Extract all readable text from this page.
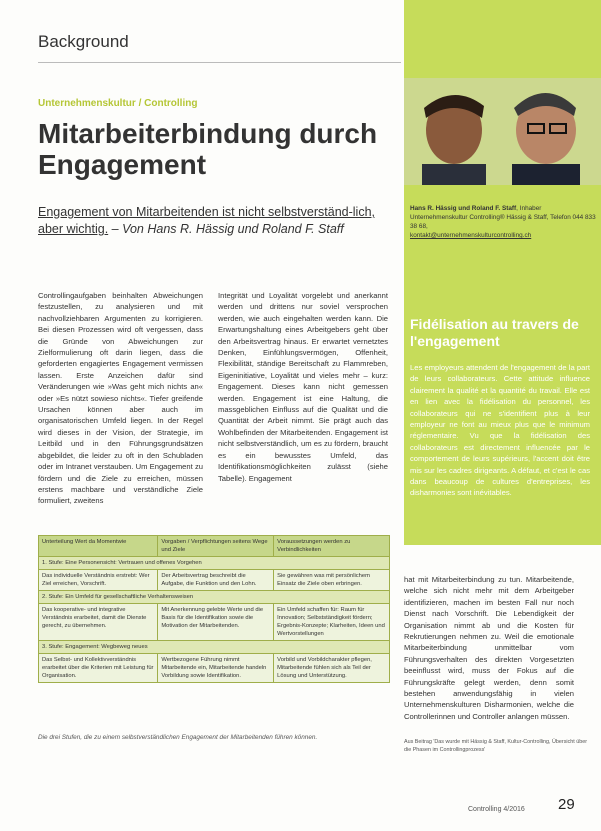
Background
Unternehmenskultur / Controlling
Mitarbeiterbindung durch Engagement
Engagement von Mitarbeitenden ist nicht selbstverständ-lich, aber wichtig. – Von Hans R. Hässig und Roland F. Staff
Hans R. Hässig und Roland F. Staff, Inhaber Unternehmenskultur Controlling® Hässig & Staff, Telefon 044 833 38 68,
kontakt@unternehmenskulturcontrolling.ch
Controllingaufgaben beinhalten Abweichungen festzustellen, zu analysieren und mit nachvollziehbaren Argumenten zu korrigieren. Bei diesen Prozessen wird oft vergessen, dass die Gründe von Abweichungen zur Zielformulierung oft darin liegen, dass die geforderten engagiertes Engagement vermissen lassen. Erste Anzeichen dafür sind Veränderungen wie »Was geht mich nichts an« oder »Es nützt sowieso nichts«. Tiefer greifende Ursachen können aber auch im organisatorischen Umfeld liegen. In der Regel wird dieses in der Vision, der Strategie, im Leitbild und in den Führungsgrundsätzen abgebildet, die leider zu oft in den Schubladen oder im Intranet verstauben. Um Engagement zu fördern und die Ziele zu erreichen, müssen erstens machbare und verständliche Ziele formuliert, zweitens
Integrität und Loyalität vorgelebt und anerkannt werden und drittens nur soviel versprochen werden, wie auch eingehalten werden kann. Die Erwartungshaltung eines Arbeitgebers geht über den Arbeitsvertrag hinaus. Er erwartet vernetztes Denken, Einfühlungsvermögen, Offenheit, Flexibilität, ständige Bereitschaft zu Flammreben, Eigeninitiative, Loyalität und vieles mehr – kurz: Engagement. Dieses kann nicht gemessen werden. Engagement ist eine Haltung, die massgeblichen Einfluss auf die Qualität und die Quantität der Arbeit nimmt. Sie prägt auch das Wohlbefinden der Mitarbeitenden. Engagement ist nicht selbstverständlich, um es zu fördern, braucht es ein bewusstes Umfeld, das Identifikationsmöglichkeiten zulässt (siehe Tabelle). Engagement
Fidélisation au travers de l'engagement
Les employeurs attendent de l'engagement de la part de leurs collaborateurs. Cette attitude influence clairement la qualité et la quantité du travail. Elle est en lien avec la fidélisation du personnel, les collaborateurs qui ne s'identifient plus à leur employeur ne font au mieux plus que le minimum réglementaire. Vu que la fidélisation des collaborateurs est directement influencée par le comportement de leurs supérieurs, l'accent doit être mis sur les cadres dirigeants. A défaut, et c'est le cas dans beaucoup de cultures d'entreprises, les disharmonies sont inévitables.
Unterteilung Wert da Momentwie	Vorgaben / Verpflichtungen seitens Wege und Ziele	Voraussetzungen werden zu Verbindlichkeiten
1. Stufe: Eine Personensicht: Vertrauen und offenes Vorgehen		
Das individuelle Verständnis erstrebt: Wer Ziel erreichen, Vorschrift.	Der Arbeitsvertrag beschreibt die Aufgabe, die Funktion und den Lohn.	Sie gewähren was mit persönlichem Einsatz die Ziele oben erbringen.
2. Stufe: Ein Umfeld für gesellschaftliche Verhaltensweisen		
Das kooperative- und integrative Verständnis erarbeitet, damit die Dienste gerecht, zu übernehmen.	Mit Anerkennung gelebte Werte und die Basis für die Identifikation sowie die Motivation der Mitarbeitenden.	Ein Umfeld schaffen für: Raum für Innovation; Selbstständigkeit fördern; Ergebnis-Konzepte; Klarheiten, Ideen und Wertvorstellungen
3. Stufe: Engagement: Wegbeweg neues		
Das Selbst- und Kollektivverständnis erarbeitet über die Kriterien mit Leistung für Organisation.	Wertbezogene Führung nimmt Mitarbeitende ein, Mitarbeitende handeln Vorbildung sowie Identifikation.	Vorbild und Vorbildcharakter pflegen, Mitarbeitende fühlen sich als Teil der Lösung und Unterstützung.
Die drei Stufen, die zu einem selbstverständlichen Engagement der Mitarbeitenden führen können.
hat mit Mitarbeiterbindung zu tun. Mitarbeitende, welche sich nicht mehr mit dem Arbeitgeber identifizieren, machen im besten Fall nur noch Dienst nach Vorschrift. Die Lebendigkeit der Organisation nimmt ab und die Kosten für Rekrutierungen nehmen zu. Weil die emotionale Mitarbeiterbindung unmittelbar vom Führungsverhalten des direkten Vorgesetzten beeinflusst wird, muss der Fokus auf die Führungskräfte gelegt werden, denn somit bestehen anwendungsfähig in vielen Unternehmenskulturen Disharmonien, welche die Controllerinnen und Controller anlangen müssen.
Aus Beitrag 'Das wurde mit Hässig & Staff, Kultur-Controlling, Übersicht über die Phasen im Controllingprozess'
Controlling 4/2016 29
